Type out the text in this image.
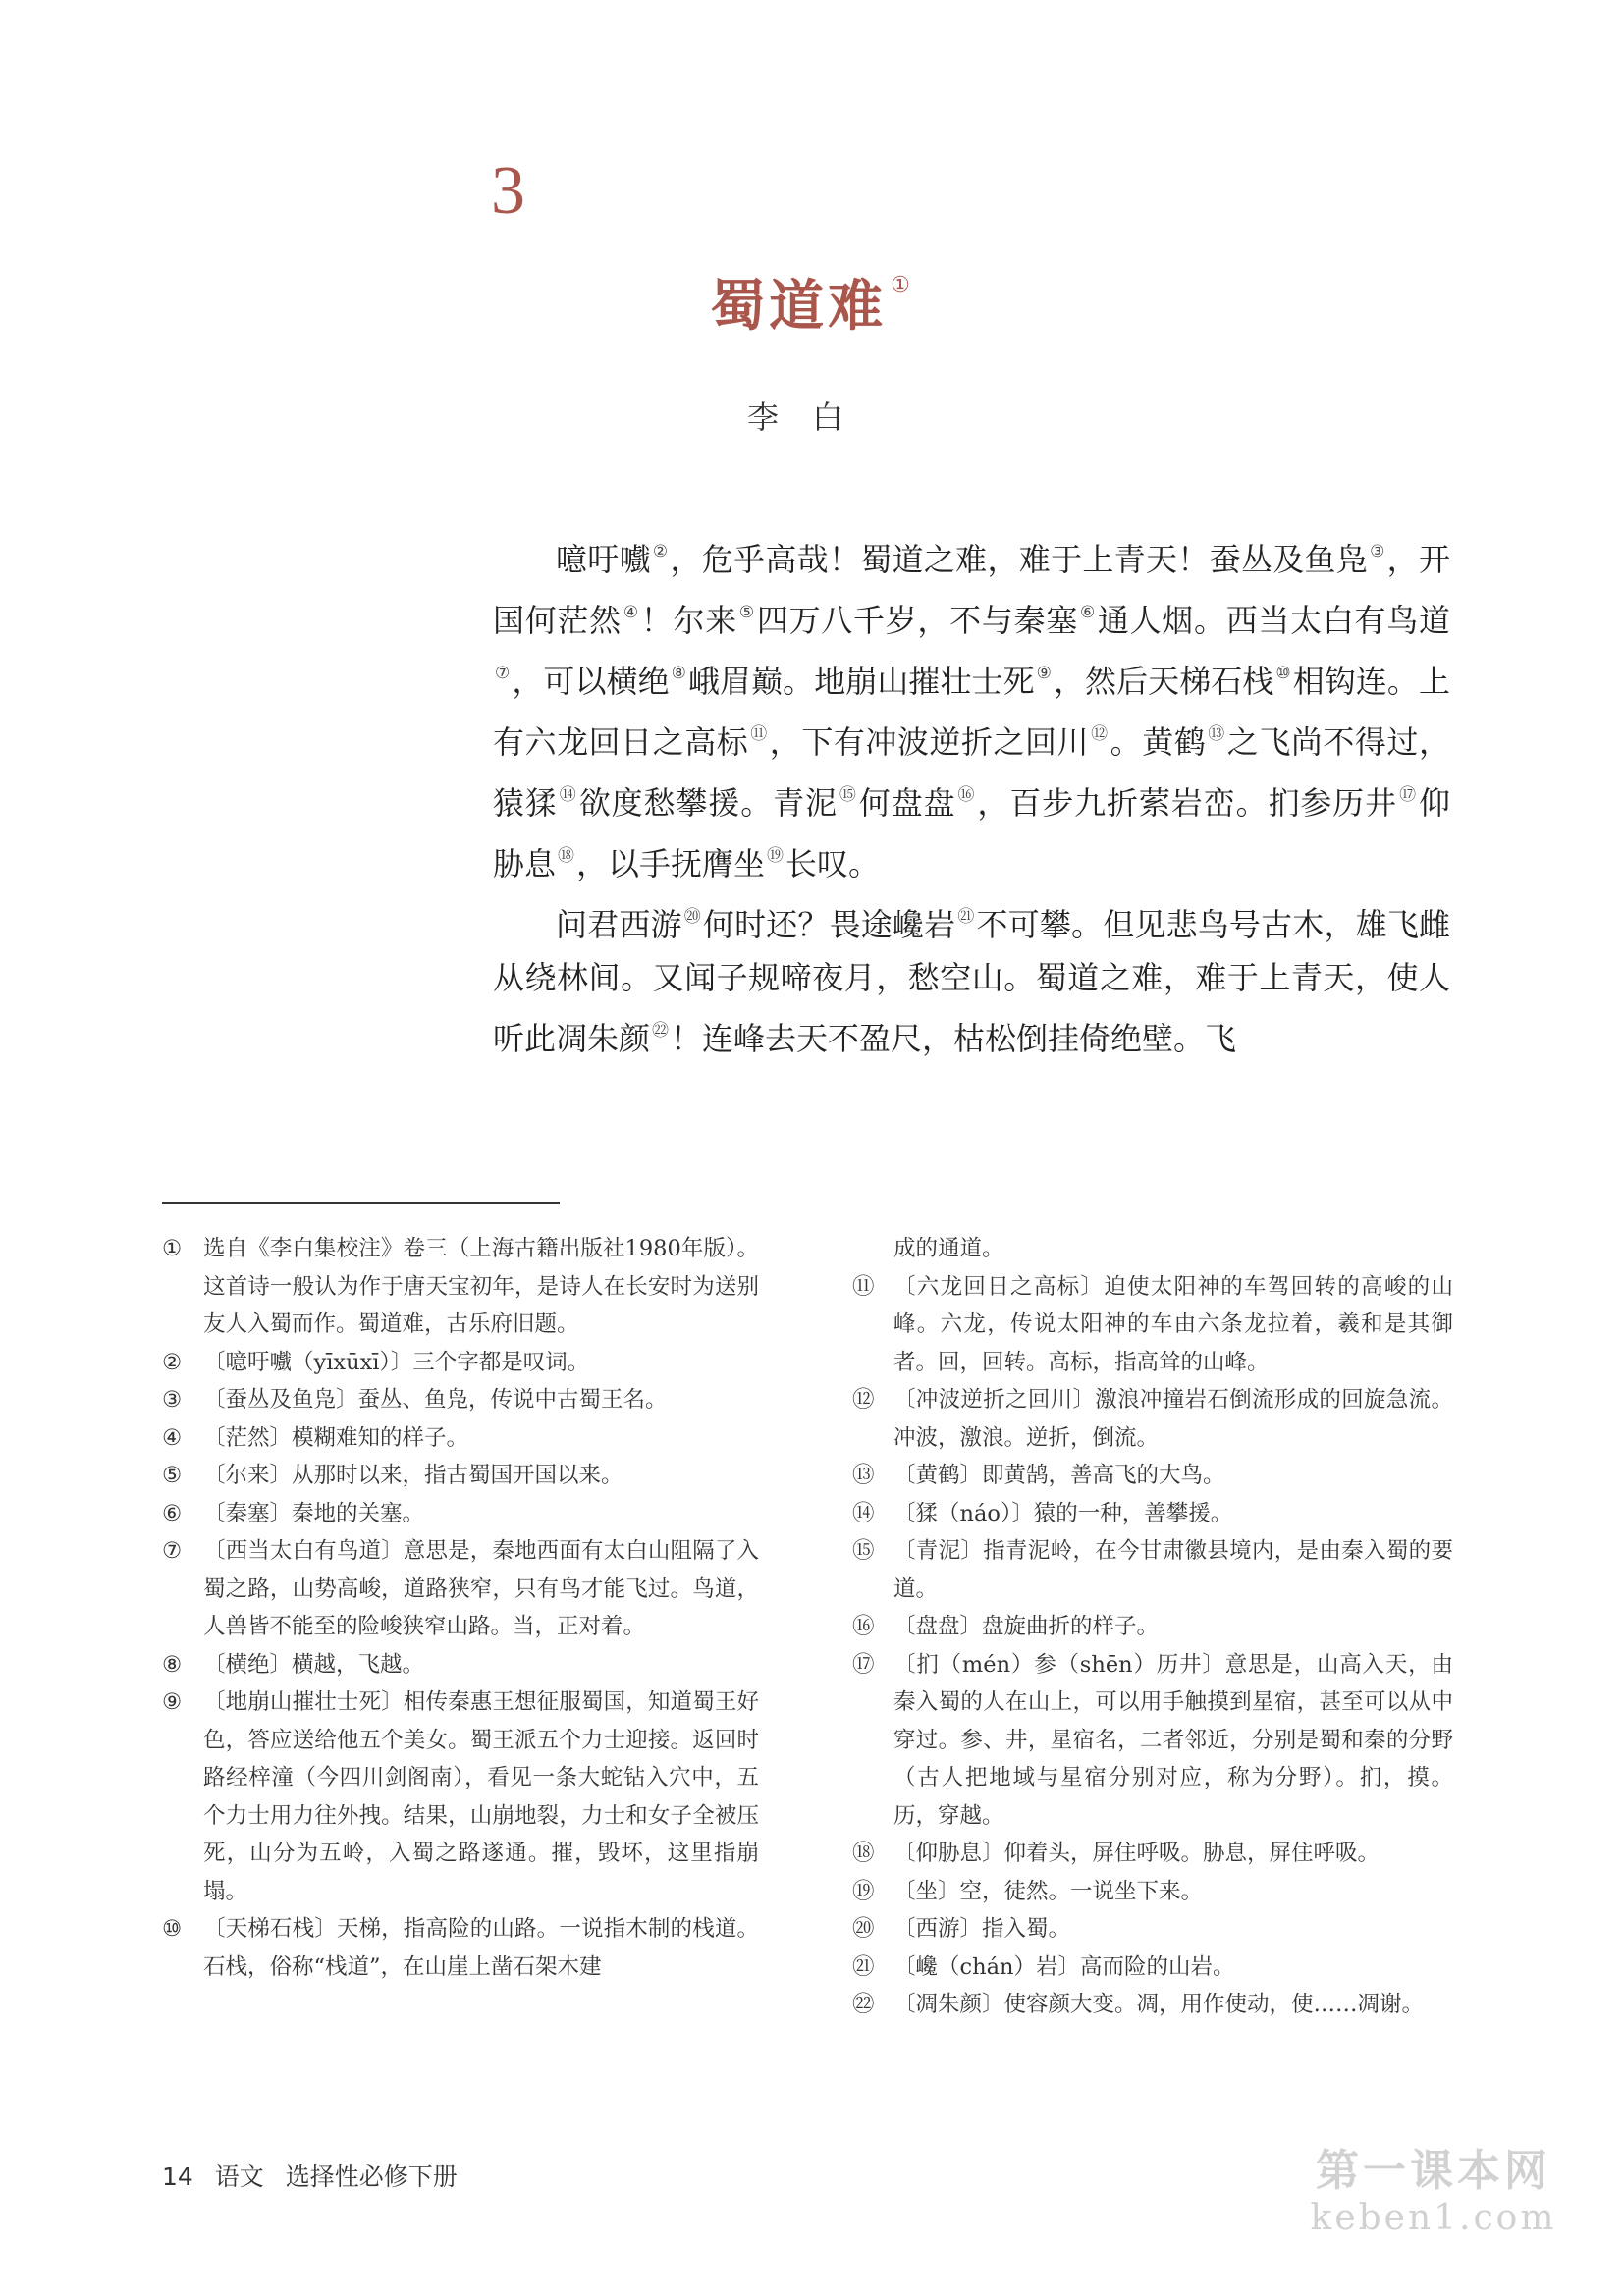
3
蜀道难 ①
李白

噫吁嚱 ②，危乎高哉！蜀道之难，难于上青天！蚕丛及鱼凫 ③，开国何茫然 ④！尔来 ⑤四万八千岁，不与秦塞 ⑥通人烟。西当太白有鸟道⑦，可以横绝 ⑧峨眉巅。地崩山摧壮士死 ⑨，然后天梯石栈 ⑩相钩连。上有六龙回日之高标 ⑪，下有冲波逆折之回川 ⑫。黄鹤 ⑬之飞尚不得过，猿猱 ⑭欲度愁攀援。青泥 ⑮何盘盘 ⑯，百步九折萦岩峦。扪参历井 ⑰仰胁息 ⑱，以手抚膺坐 ⑲长叹。

问君西游 ⑳何时还？畏途巉岩 $^㉑$不可攀。但见悲鸟号古木，雄飞雌从绕林间。又闻子规啼夜月，愁空山。蜀道之难，难于上青天，使人听此凋朱颜 $^㉒$！连峰去天不盈尺，枯松倒挂倚绝壁。飞

① 选自《李白集校注》卷三（上海古籍出版社1980年版）。这首诗一般认为作于唐天宝初年，是诗人在长安时为送别友人入蜀而作。蜀道难，古乐府旧题。
② 〔噫吁嚱（yīxūxī）〕三个字都是叹词。
③ 〔蚕丛及鱼凫〕蚕丛、鱼凫，传说中古蜀王名。
④ 〔茫然〕模糊难知的样子。
⑤ 〔尔来〕从那时以来，指古蜀国开国以来。
⑥ 〔秦塞〕秦地的关塞。
⑦ 〔西当太白有鸟道〕意思是，秦地西面有太白山阻隔了入蜀之路，山势高峻，道路狭窄，只有鸟才能飞过。鸟道，人兽皆不能至的险峻狭窄山路。当，正对着。
⑧ 〔横绝〕横越，飞越。
⑨ 〔地崩山摧壮士死〕相传秦惠王想征服蜀国，知道蜀王好色，答应送给他五个美女。蜀王派五个力士迎接。返回时路经梓潼（今四川剑阁南），看见一条大蛇钻入穴中，五个力士用力往外拽。结果，山崩地裂，力士和女子全被压死，山分为五岭，入蜀之路遂通。摧，毁坏，这里指崩塌。
⑩ 〔天梯石栈〕天梯，指高险的山路。一说指木制的栈道。石栈，俗称“栈道”，在山崖上凿石架木建
成的通道。
⑪ 〔六龙回日之高标〕迫使太阳神的车驾回转的高峻的山峰。六龙，传说太阳神的车由六条龙拉着，羲和是其御者。回，回转。高标，指高耸的山峰。
⑫ 〔冲波逆折之回川〕激浪冲撞岩石倒流形成的回旋急流。冲波，激浪。逆折，倒流。
⑬ 〔黄鹤〕即黄鹄，善高飞的大鸟。
⑭ 〔猱（náo）〕猿的一种，善攀援。
⑮ 〔青泥〕指青泥岭，在今甘肃徽县境内，是由秦入蜀的要道。
⑯ 〔盘盘〕盘旋曲折的样子。
⑰ 〔扪（mén）参（shēn）历井〕意思是，山高入天，由秦入蜀的人在山上，可以用手触摸到星宿，甚至可以从中穿过。参、井，星宿名，二者邻近，分别是蜀和秦的分野（古人把地域与星宿分别对应，称为分野）。扪，摸。历，穿越。
⑱ 〔仰胁息〕仰着头，屏住呼吸。胁息，屏住呼吸。
⑲ 〔坐〕空，徒然。一说坐下来。
⑳ 〔西游〕指入蜀。
㉑ 〔巉（chán）岩〕高而险的山岩。
㉒ 〔凋朱颜〕使容颜大变。凋，用作使动，使……凋谢。
14 语文 选择性必修下册	第一课本网
keben1.com
